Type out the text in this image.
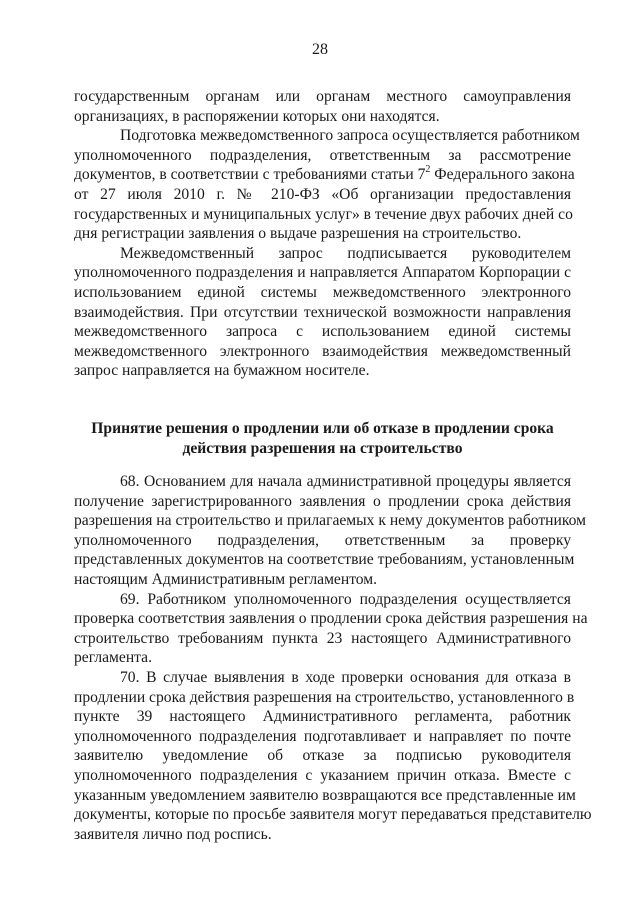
28
государственным органам или органам местного самоуправления
организациях, в распоряжении которых они находятся.
Подготовка межведомственного запроса осуществляется работником
уполномоченного подразделения, ответственным за рассмотрение
документов, в соответствии с требованиями статьи $7^2$ Федерального закона
от 27 июля 2010 г. № 210-ФЗ «Об организации предоставления
государственных и муниципальных услуг» в течение двух рабочих дней со
дня регистрации заявления о выдаче разрешения на строительство.
Межведомственный запрос подписывается руководителем
уполномоченного подразделения и направляется Аппаратом Корпорации с
использованием единой системы межведомственного электронного
взаимодействия. При отсутствии технической возможности направления
межведомственного запроса с использованием единой системы
межведомственного электронного взаимодействия межведомственный
запрос направляется на бумажном носителе.
Принятие решения о продлении или об отказе в продлении срока
действия разрешения на строительство
68. Основанием для начала административной процедуры является
получение зарегистрированного заявления о продлении срока действия
разрешения на строительство и прилагаемых к нему документов работником
уполномоченного подразделения, ответственным за проверку
представленных документов на соответствие требованиям, установленным
настоящим Административным регламентом.
69. Работником уполномоченного подразделения осуществляется
проверка соответствия заявления о продлении срока действия разрешения на
строительство требованиям пункта 23 настоящего Административного
регламента.
70. В случае выявления в ходе проверки основания для отказа в
продлении срока действия разрешения на строительство, установленного в
пункте 39 настоящего Административного регламента, работник
уполномоченного подразделения подготавливает и направляет по почте
заявителю уведомление об отказе за подписью руководителя
уполномоченного подразделения с указанием причин отказа. Вместе с
указанным уведомлением заявителю возвращаются все представленные им
документы, которые по просьбе заявителя могут передаваться представителю
заявителя лично под роспись.
